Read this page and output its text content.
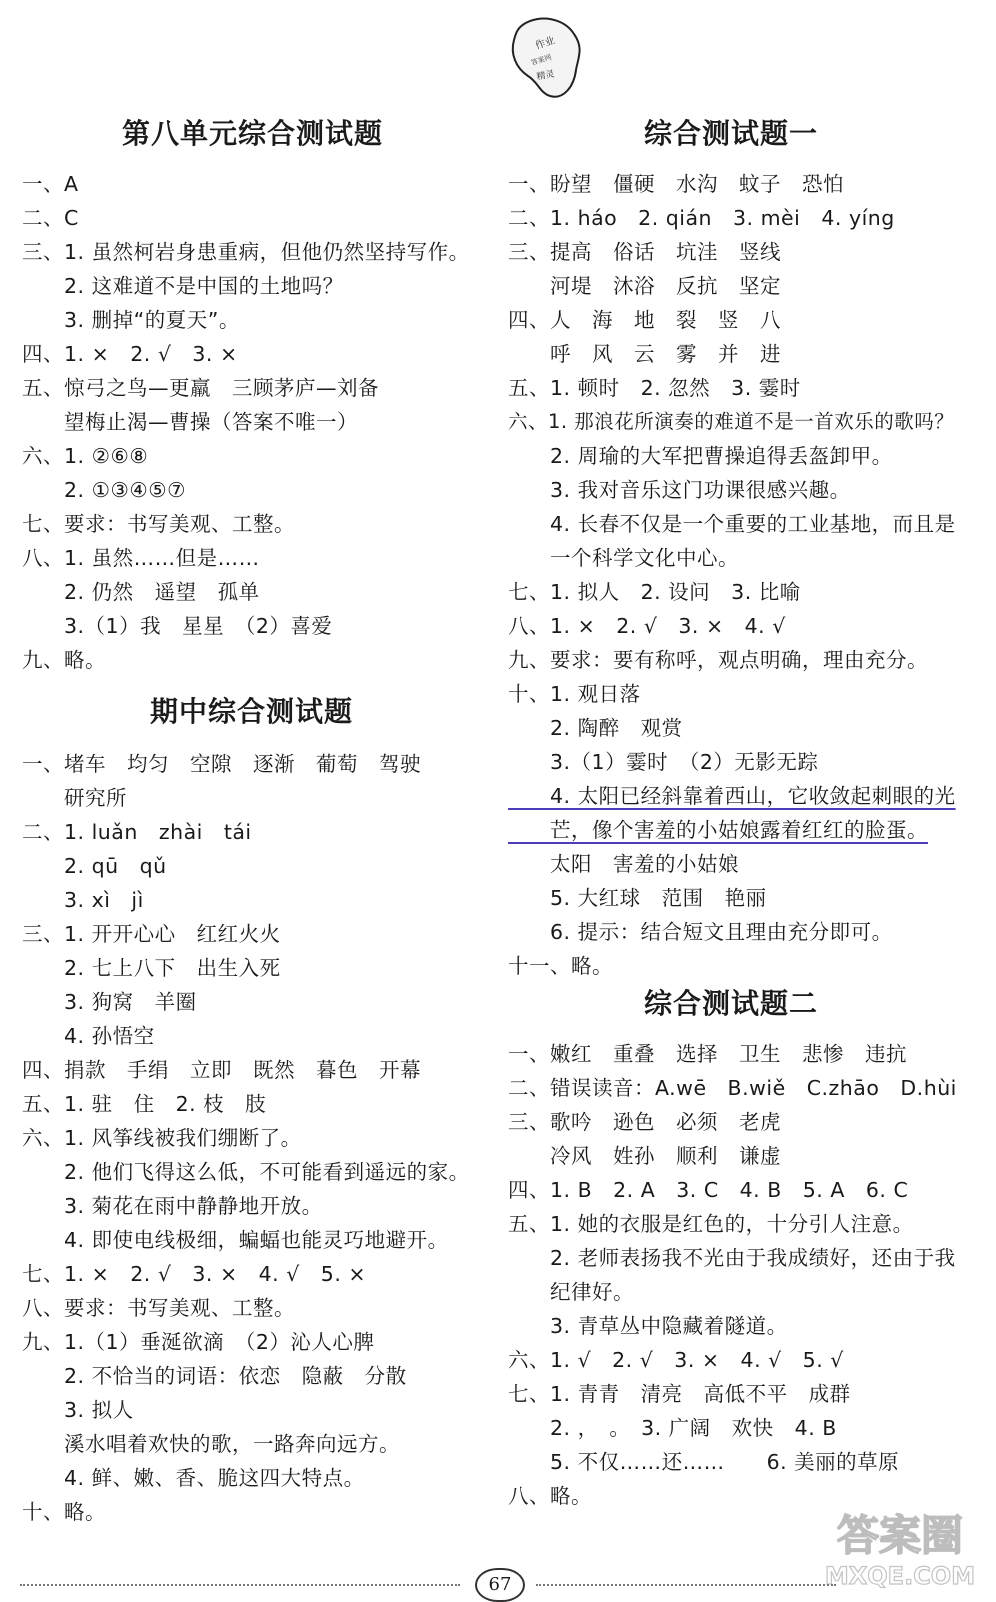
作业
答案网
精灵
第八单元综合测试题
一、A
二、C
三、1. 虽然柯岩身患重病，但他仍然坚持写作。
　　2. 这难道不是中国的土地吗？
　　3. 删掉“的夏天”。
四、1. ×　2. √　3. ×
五、惊弓之鸟—更羸　三顾茅庐—刘备
　　望梅止渴—曹操（答案不唯一）
六、1. ②⑥⑧
　　2. ①③④⑤⑦
七、要求：书写美观、工整。
八、1. 虽然……但是……
　　2. 仍然　遥望　孤单
　　3.（1）我　星星　（2）喜爱
九、略。
期中综合测试题
一、堵车　均匀　空隙　逐渐　葡萄　驾驶
　　研究所
二、1. luǎn　zhài　tái
　　2. qū　qǔ
　　3. xì　jì
三、1. 开开心心　红红火火
　　2. 七上八下　出生入死
　　3. 狗窝　羊圈
　　4. 孙悟空
四、捐款　手绢　立即　既然　暮色　开幕
五、1. 驻　住　2. 枝　肢
六、1. 风筝线被我们绷断了。
　　2. 他们飞得这么低，不可能看到遥远的家。
　　3. 菊花在雨中静静地开放。
　　4. 即使电线极细，蝙蝠也能灵巧地避开。
七、1. ×　2. √　3. ×　4. √　5. ×
八、要求：书写美观、工整。
九、1.（1）垂涎欲滴　（2）沁人心脾
　　2. 不恰当的词语：依恋　隐蔽　分散
　　3. 拟人
　　溪水唱着欢快的歌，一路奔向远方。
　　4. 鲜、嫩、香、脆这四大特点。
十、略。
综合测试题一
一、盼望　僵硬　水沟　蚊子　恐怕
二、1. háo　2. qián　3. mèi　4. yíng
三、提高　俗话　坑洼　竖线
　　河堤　沐浴　反抗　坚定
四、人　海　地　裂　竖　八
　　呼　风　云　雾　并　进
五、1. 顿时　2. 忽然　3. 霎时
六、1. 那浪花所演奏的难道不是一首欢乐的歌吗？
　　2. 周瑜的大军把曹操追得丢盔卸甲。
　　3. 我对音乐这门功课很感兴趣。
　　4. 长春不仅是一个重要的工业基地，而且是
　　一个科学文化中心。
七、1. 拟人　2. 设问　3. 比喻
八、1. ×　2. √　3. ×　4. √
九、要求：要有称呼，观点明确，理由充分。
十、1. 观日落
　　2. 陶醉　观赏
　　3.（1）霎时　（2）无影无踪
　　4. 太阳已经斜靠着西山，它收敛起刺眼的光
　　芒，像个害羞的小姑娘露着红红的脸蛋。
　　太阳　害羞的小姑娘
　　5. 大红球　范围　艳丽
　　6. 提示：结合短文且理由充分即可。
十一、略。
综合测试题二
一、嫩红　重叠　选择　卫生　悲惨　违抗
二、错误读音：A.wē　B.wiě　C.zhāo　D.hùi
三、歌吟　逊色　必须　老虎
　　冷风　姓孙　顺利　谦虚
四、1. B　2. A　3. C　4. B　5. A　6. C
五、1. 她的衣服是红色的，十分引人注意。
　　2. 老师表扬我不光由于我成绩好，还由于我
　　纪律好。
　　3. 青草丛中隐藏着隧道。
六、1. √　2. √　3. ×　4. √　5. √
七、1. 青青　清亮　高低不平　成群
　　2. ，　。　3. 广阔　欢快　4. B
　　5. 不仅……还……　　6. 美丽的草原
八、略。
答案圈
MXQE.COM
67
